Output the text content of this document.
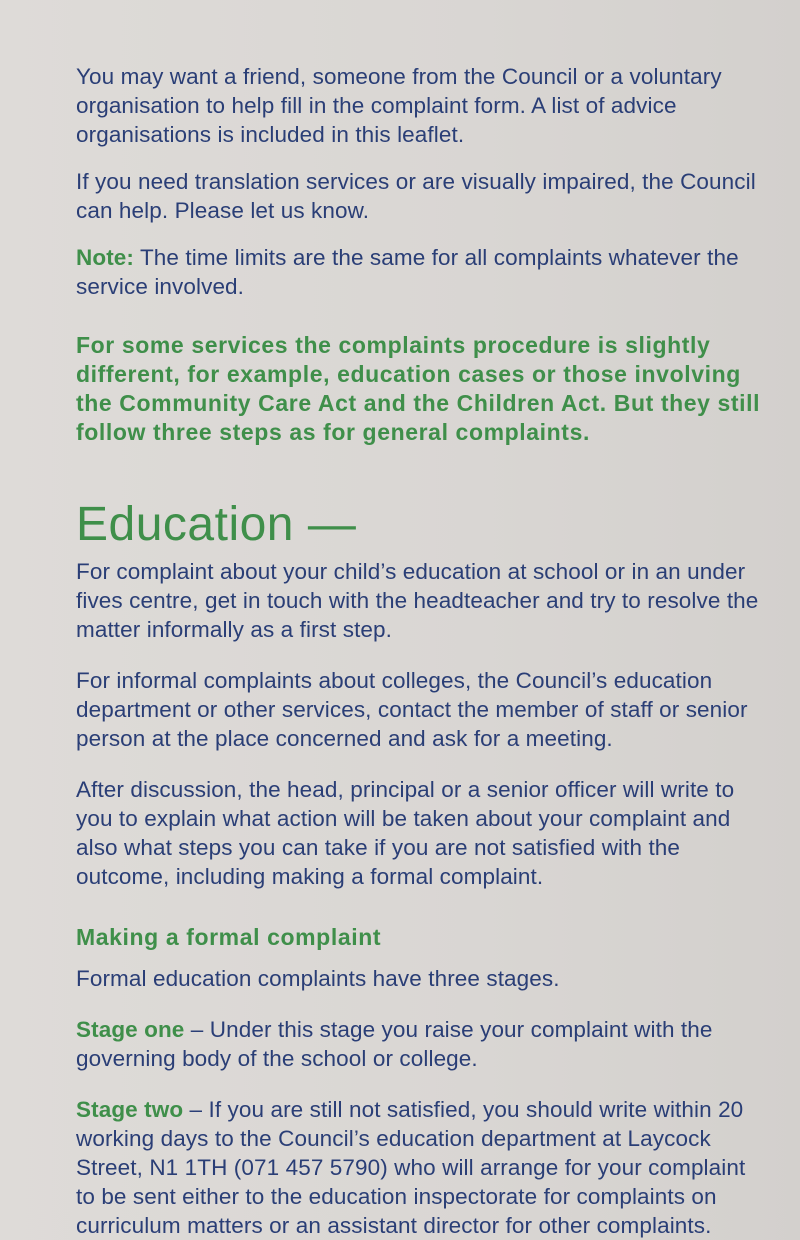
You may want a friend, someone from the Council or a voluntary organisation to help fill in the complaint form. A list of advice organisations is included in this leaflet.

If you need translation services or are visually impaired, the Council can help. Please let us know.

Note: The time limits are the same for all complaints whatever the service involved.

For some services the complaints procedure is slightly different, for example, education cases or those involving the Community Care Act and the Children Act. But they still follow three steps as for general complaints.

Education —

For complaint about your child’s education at school or in an under fives centre, get in touch with the headteacher and try to resolve the matter informally as a first step.

For informal complaints about colleges, the Council’s education department or other services, contact the member of staff or senior person at the place concerned and ask for a meeting.

After discussion, the head, principal or a senior officer will write to you to explain what action will be taken about your complaint and also what steps you can take if you are not satisfied with the outcome, including making a formal complaint.

Making a formal complaint

Formal education complaints have three stages.

Stage one – Under this stage you raise your complaint with the governing body of the school or college.

Stage two – If you are still not satisfied, you should write within 20 working days to the Council’s education department at Laycock Street, N1 1TH (071 457 5790) who will arrange for your complaint to be sent either to the education inspectorate for complaints on curriculum matters or an assistant director for other complaints.
